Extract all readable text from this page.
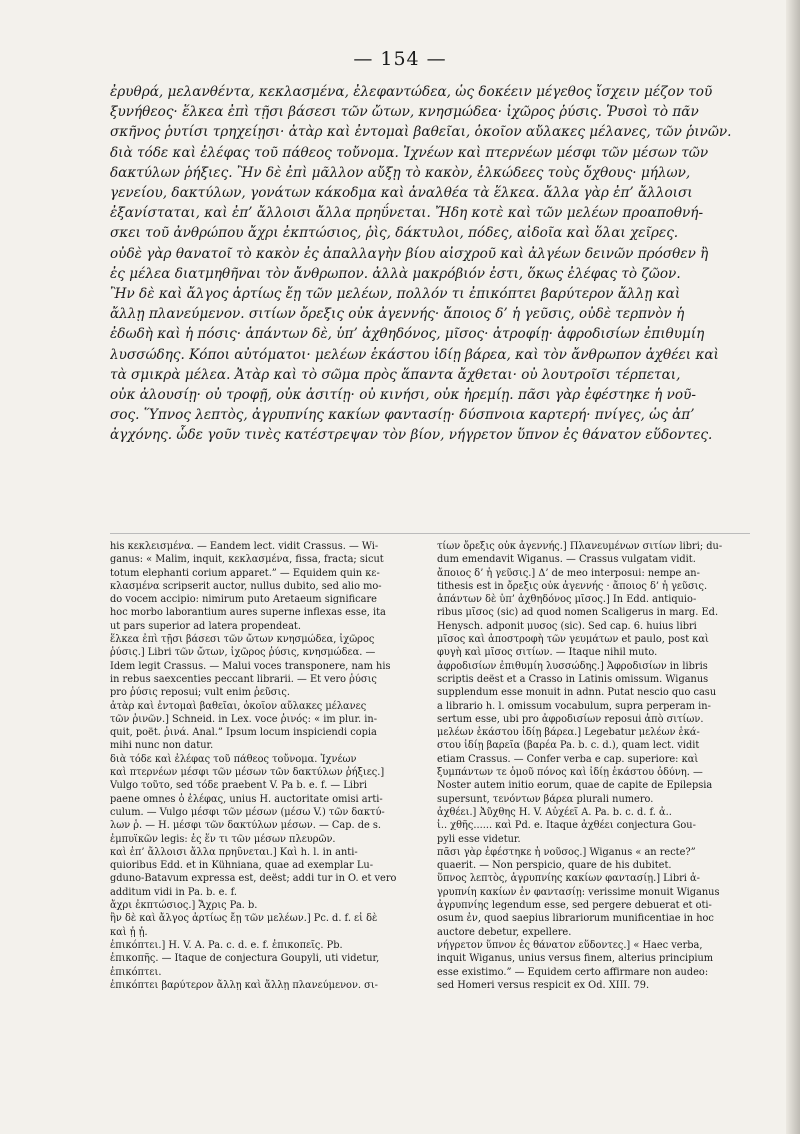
— 154 —
ἐρυθρά, μελανθέντα, κεκλασμένα, ἐλεφαντώδεα, ὡς δοκέειν μέγεθος ἴσχειν μέζον τοῦ
ξυνήθεος· ἕλκεα ἐπὶ τῇσι βάσεσι τῶν ὤτων, κνησμώδεα· ἰχῶρος ῥύσις. Ῥυσοὶ τὸ πᾶν
σκῆνος ῥυτίσι τρηχείῃσι· ἀτὰρ καὶ ἐντομαὶ βαθεῖαι, ὁκοῖον αὔλακες μέλανες, τῶν ῥινῶν.
διὰ τόδε καὶ ἐλέφας τοῦ πάθεος τοὔνομα. Ἰχνέων καὶ πτερνέων μέσφι τῶν μέσων τῶν
δακτύλων ῥήξιες. Ἢν δὲ ἐπὶ μᾶλλον αὔξῃ τὸ κακὸν, ἑλκώδεες τοὺς ὄχθους· μήλων,
γενείου, δακτύλων, γονάτων κάκοδμα καὶ ἀναλθέα τὰ ἕλκεα. ἄλλα γὰρ ἐπ’ ἄλλοισι
ἐξανίσταται, καὶ ἐπ’ ἄλλοισι ἄλλα πρηΰνεται. Ἤδη κοτὲ καὶ τῶν μελέων προαποθνή-
σκει τοῦ ἀνθρώπου ἄχρι ἐκπτώσιος, ῥὶς, δάκτυλοι, πόδες, αἰδοῖα καὶ ὅλαι χεῖρες.
οὐδὲ γὰρ θανατοῖ τὸ κακὸν ἐς ἀπαλλαγὴν βίου αἰσχροῦ καὶ ἀλγέων δεινῶν πρόσθεν ἢ
ἐς μέλεα διατμηθῆναι τὸν ἄνθρωπον. ἀλλὰ μακρόβιόν ἐστι, ὅκως ἐλέφας τὸ ζῶον.
Ἢν δὲ καὶ ἄλγος ἀρτίως ἔῃ τῶν μελέων, πολλόν τι ἐπικόπτει βαρύτερον ἄλλῃ καὶ
ἄλλῃ πλανεύμενον. σιτίων ὄρεξις οὐκ ἀγεννής· ἄποιος δ’ ἡ γεῦσις, οὐδὲ τερπνὸν ἡ
ἐδωδὴ καὶ ἡ πόσις· ἁπάντων δὲ, ὑπ’ ἀχθηδόνος, μῖσος· ἀτροφίῃ· ἀφροδισίων ἐπιθυμίη
λυσσώδης. Κόποι αὐτόματοι· μελέων ἑκάστου ἰδίῃ βάρεα, καὶ τὸν ἄνθρωπον ἀχθέει καὶ
τὰ σμικρὰ μέλεα. Ἀτὰρ καὶ τὸ σῶμα πρὸς ἅπαντα ἄχθεται· οὐ λουτροῖσι τέρπεται,
οὐκ ἀλουσίῃ· οὐ τροφῇ, οὐκ ἀσιτίῃ· οὐ κινήσι, οὐκ ἠρεμίῃ. πᾶσι γὰρ ἐφέστηκε ἡ νοῦ-
σος. Ὕπνος λεπτὸς, ἀγρυπνίης κακίων φαντασίῃ· δύσπνοια καρτερή· πνίγες, ὡς ἀπ’
ἀγχόνης. ὧδε γοῦν τινὲς κατέστρεψαν τὸν βίον, νήγρετον ὕπνον ἐς θάνατον εὕδοντες.
his κεκλεισμένα. — Eandem lect. vidit Crassus. — Wi-
ganus: « Malim, inquit, κεκλασμένα, fissa, fracta; sicut
totum elephanti corium apparet.” — Equidem quin κε-
κλασμένα scripserit auctor, nullus dubito, sed alio mo-
do vocem accipio: nimirum puto Aretaeum significare
hoc morbo laborantium aures superne inflexas esse, ita
ut pars superior ad latera propendeat.
ἕλκεα ἐπὶ τῇσι βάσεσι τῶν ὤτων κνησμώδεα, ἰχῶρος
ῥύσις.] Libri τῶν ὤτων, ἰχῶρος ῥύσις, κνησμώδεα. —
Idem legit Crassus. — Malui voces transponere, nam his
in rebus saexcenties peccant librarii. — Et vero ῥύσις
pro ῥύσις reposui; vult enim ῥεῦσις.
ἀτὰρ καὶ ἐντομαὶ βαθεῖαι, ὁκοῖον αὔλακες μέλανες
τῶν ῥινῶν.] Schneid. in Lex. voce ῥινός: « im plur. in-
quit, poët. ῥινά. Anal.” Ipsum locum inspiciendi copia
mihi nunc non datur.
διὰ τόδε καὶ ἐλέφας τοῦ πάθεος τοὔνομα. Ἰχνέων
καὶ πτερνέων μέσφι τῶν μέσων τῶν δακτύλων ῥήξιες.]
Vulgo τοῦτο, sed τόδε praebent V. Pa b. e. f. — Libri
paene omnes ὁ ἐλέφας, unius H. auctoritate omisi arti-
culum. — Vulgo μέσφι τῶν μέσων (μέσω V.) τῶν δακτύ-
λων ῥ. — H. μέσφι τῶν δακτύλων μέσων. — Cap. de s.
ἐμπυϊκῶν legis: ἐς ἕν τι τῶν μέσων πλευρῶν.
καὶ ἐπ’ ἄλλοισι ἄλλα πρηΰνεται.] Καὶ h. l. in anti-
quioribus Edd. et in Kühniana, quae ad exemplar Lu-
gduno-Batavum expressa est, deëst; addi tur in O. et vero
additum vidi in Pa. b. e. f.
ἄχρι ἐκπτώσιος.] Ἄχρις Pa. b.
ἢν δὲ καὶ ἄλγος ἀρτίως ἔῃ τῶν μελέων.] Pc. d. f. εἰ δὲ
καὶ ᾖ ᾖ.
ἐπικόπτει.] H. V. A. Pa. c. d. e. f. ἐπικοπεῖς. Pb.
ἐπικοπῆς. — Itaque de conjectura Goupyli, uti videtur,
ἐπικόπτει.
ἐπικόπτει βαρύτερον ἄλλῃ καὶ ἄλλῃ πλανεύμενον. σι-
τίων ὄρεξις οὐκ ἀγεννής.] Πλανευμένων σιτίων libri; du-
dum emendavit Wiganus. — Crassus vulgatam vidit.
ἄποιος δ’ ἡ γεῦσις.] Δ’ de meo interposui: nempe an-
tithesis est in ὄρεξις οὐκ ἀγεννής · ἄποιος δ’ ἡ γεῦσις.
ἁπάντων δὲ ὑπ’ ἀχθηδόνος μῖσος.] In Edd. antiquio-
ribus μῖσος (sic) ad quod nomen Scaligerus in marg. Ed.
Henysch. adponit μυσος (sic). Sed cap. 6. huius libri
μῖσος καὶ ἀποστροφὴ τῶν γευμάτων et paulo, post καὶ
φυγὴ καὶ μῖσος σιτίων. — Itaque nihil muto.
ἀφροδισίων ἐπιθυμίη λυσσώδης.] Ἀφροδισίων in libris
scriptis deëst et a Crasso in Latinis omissum. Wiganus
supplendum esse monuit in adnn. Putat nescio quo casu
a librario h. l. omissum vocabulum, supra perperam in-
sertum esse, ubi pro ἀφροδισίων reposui ἀπὸ σιτίων.
μελέων ἑκάστου ἰδίῃ βάρεα.] Legebatur μελέων ἑκά-
στου ἰδίῃ βαρεῖα (βαρέα Pa. b. c. d.), quam lect. vidit
etiam Crassus. — Confer verba e cap. superiore: καὶ
ξυμπάντων τε ὁμοῦ πόνος καὶ ἰδίῃ ἑκάστου ὀδύνη. —
Noster autem initio eorum, quae de capite de Epilepsia
supersunt, τενόντων βάρεα plurali numero.
ἀχθέει.] Ἀῦχθης H. V. Αὐχέεῖ A. Pa. b. c. d. f. ἀ..
ἰ.. χθῆς...... καὶ Pd. e. Itaque ἀχθέει conjectura Gou-
pyli esse videtur.
πᾶσι γὰρ ἐφέστηκε ἡ νοῦσος.] Wiganus « an recte?”
quaerit. — Non perspicio, quare de his dubitet.
ὕπνος λεπτὸς, ἀγρυπνίης κακίων φαντασίῃ.] Libri ἀ-
γρυπνίη κακίων ἐν φαντασίῃ: verissime monuit Wiganus
ἀγρυπνίης legendum esse, sed pergere debuerat et oti-
osum ἐν, quod saepius librariorum munificentiae in hoc
auctore debetur, expellere.
νήγρετον ὕπνον ἐς θάνατον εὕδοντες.] « Haec verba,
inquit Wiganus, unius versus finem, alterius principium
esse existimo.” — Equidem certo affirmare non audeo:
sed Homeri versus respicit ex Od. XIII. 79.
